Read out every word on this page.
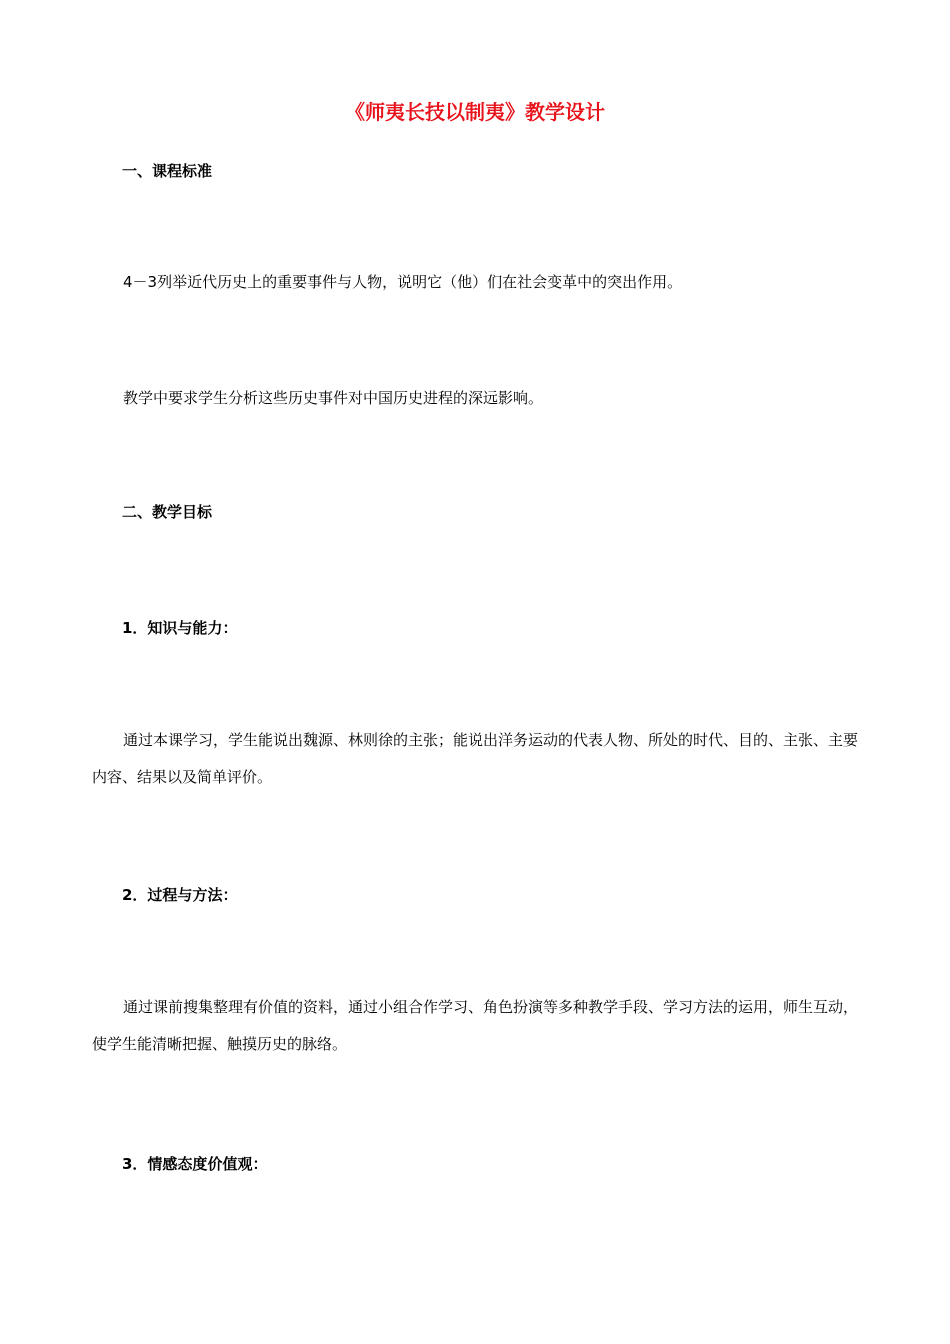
《师夷长技以制夷》教学设计
一、课程标准
4－3列举近代历史上的重要事件与人物，说明它（他）们在社会变革中的突出作用。
教学中要求学生分析这些历史事件对中国历史进程的深远影响。
二、教学目标
1．知识与能力：
通过本课学习，学生能说出魏源、林则徐的主张；能说出洋务运动的代表人物、所处的时代、目的、主张、主要内容、结果以及简单评价。
2．过程与方法：
通过课前搜集整理有价值的资料，通过小组合作学习、角色扮演等多种教学手段、学习方法的运用，师生互动，使学生能清晰把握、触摸历史的脉络。
3．情感态度价值观：
